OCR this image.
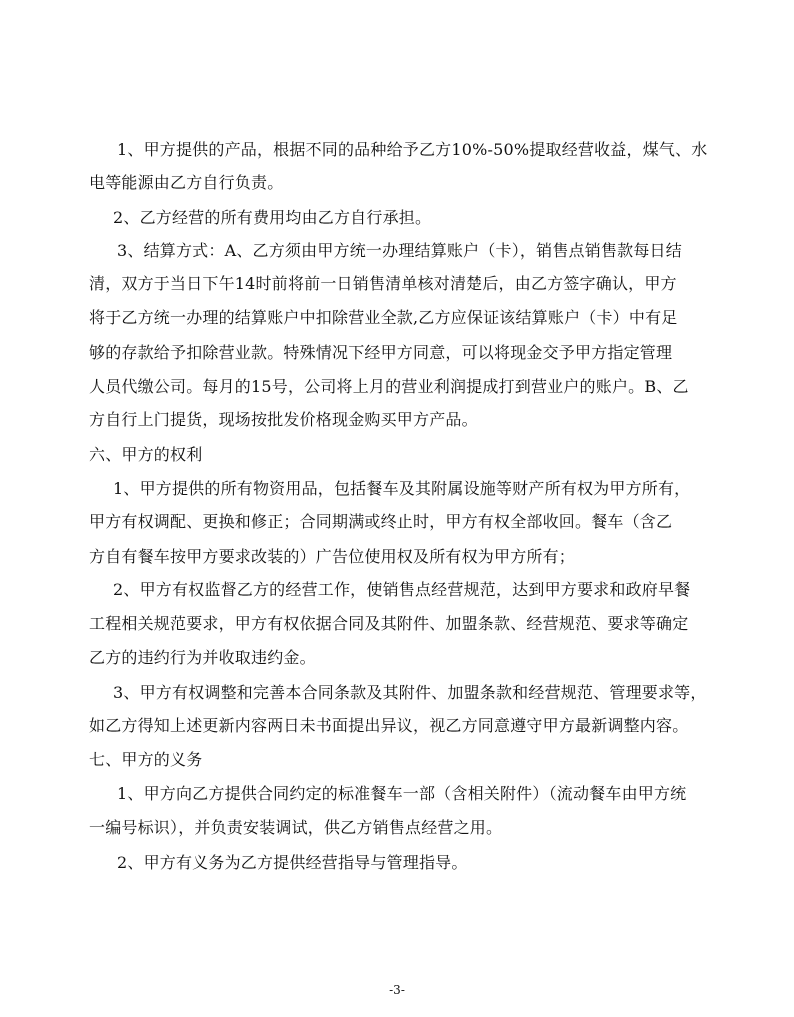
1、甲方提供的产品，根据不同的品种给予乙方10%-50%提取经营收益，煤气、水
电等能源由乙方自行负责。
2、乙方经营的所有费用均由乙方自行承担。
3、结算方式：A、乙方须由甲方统一办理结算账户（卡），销售点销售款每日结
清，双方于当日下午14时前将前一日销售清单核对清楚后，由乙方签字确认，甲方
将于乙方统一办理的结算账户中扣除营业全款,乙方应保证该结算账户（卡）中有足
够的存款给予扣除营业款。特殊情况下经甲方同意，可以将现金交予甲方指定管理
人员代缴公司。每月的15号，公司将上月的营业利润提成打到营业户的账户。B、乙
方自行上门提货，现场按批发价格现金购买甲方产品。
六、甲方的权利
1、甲方提供的所有物资用品，包括餐车及其附属设施等财产所有权为甲方所有，
甲方有权调配、更换和修正；合同期满或终止时，甲方有权全部收回。餐车（含乙
方自有餐车按甲方要求改装的）广告位使用权及所有权为甲方所有；
2、甲方有权监督乙方的经营工作，使销售点经营规范，达到甲方要求和政府早餐
工程相关规范要求，甲方有权依据合同及其附件、加盟条款、经营规范、要求等确定
乙方的违约行为并收取违约金。
3、甲方有权调整和完善本合同条款及其附件、加盟条款和经营规范、管理要求等，
如乙方得知上述更新内容两日未书面提出异议，视乙方同意遵守甲方最新调整内容。
七、甲方的义务
1、甲方向乙方提供合同约定的标准餐车一部（含相关附件）（流动餐车由甲方统
一编号标识），并负责安装调试，供乙方销售点经营之用。
2、甲方有义务为乙方提供经营指导与管理指导。
-3-
